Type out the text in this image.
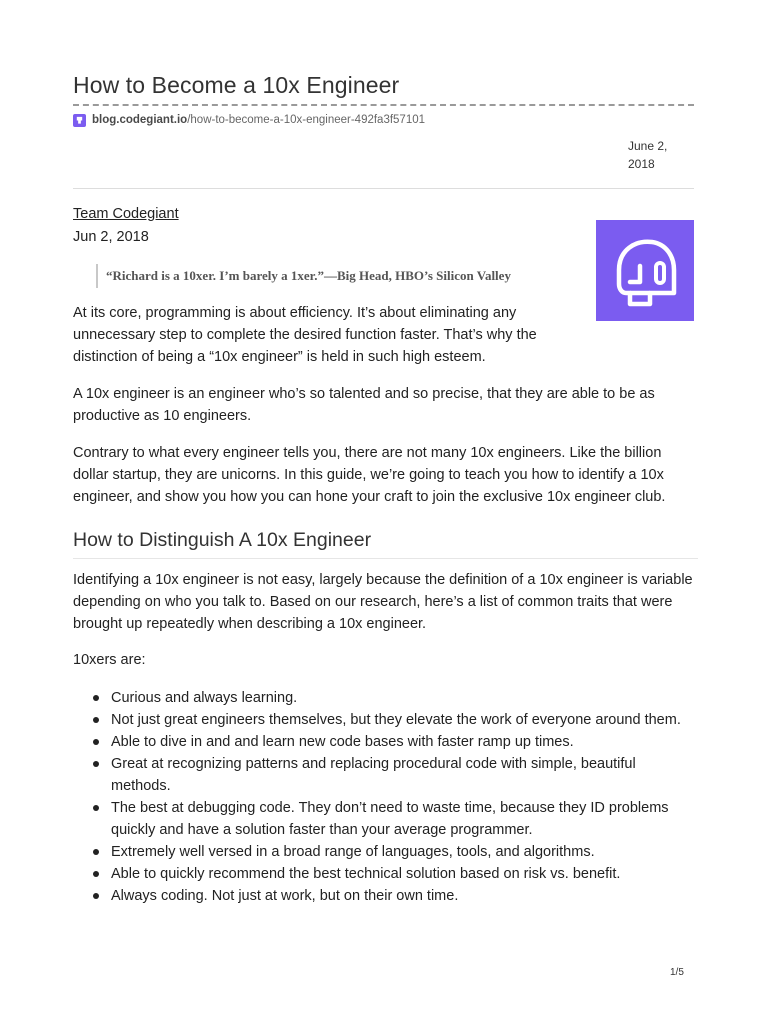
How to Become a 10x Engineer
blog.codegiant.io /how-to-become-a-10x-engineer-492fa3f57101
June 2,
2018
Team Codegiant
Jun 2, 2018
“Richard is a 10xer. I’m barely a 1xer.”—Big Head, HBO’s Silicon Valley

At its core, programming is about efficiency. It’s about eliminating any unnecessary step to complete the desired function faster. That’s why the distinction of being a “10x engineer” is held in such high esteem.

A 10x engineer is an engineer who’s so talented and so precise, that they are able to be as productive as 10 engineers.

Contrary to what every engineer tells you, there are not many 10x engineers. Like the billion dollar startup, they are unicorns. In this guide, we’re going to teach you how to identify a 10x engineer, and show you how you can hone your craft to join the exclusive 10x engineer club.

How to Distinguish A 10x Engineer

Identifying a 10x engineer is not easy, largely because the definition of a 10x engineer is variable depending on who you talk to. Based on our research, here’s a list of common traits that were brought up repeatedly when describing a 10x engineer.

10xers are:

Curious and always learning.
Not just great engineers themselves, but they elevate the work of everyone around them.
Able to dive in and and learn new code bases with faster ramp up times.
Great at recognizing patterns and replacing procedural code with simple, beautiful methods.
The best at debugging code. They don’t need to waste time, because they ID problems quickly and have a solution faster than your average programmer.
Extremely well versed in a broad range of languages, tools, and algorithms.
Able to quickly recommend the best technical solution based on risk vs. benefit.
Always coding. Not just at work, but on their own time.
1/5
